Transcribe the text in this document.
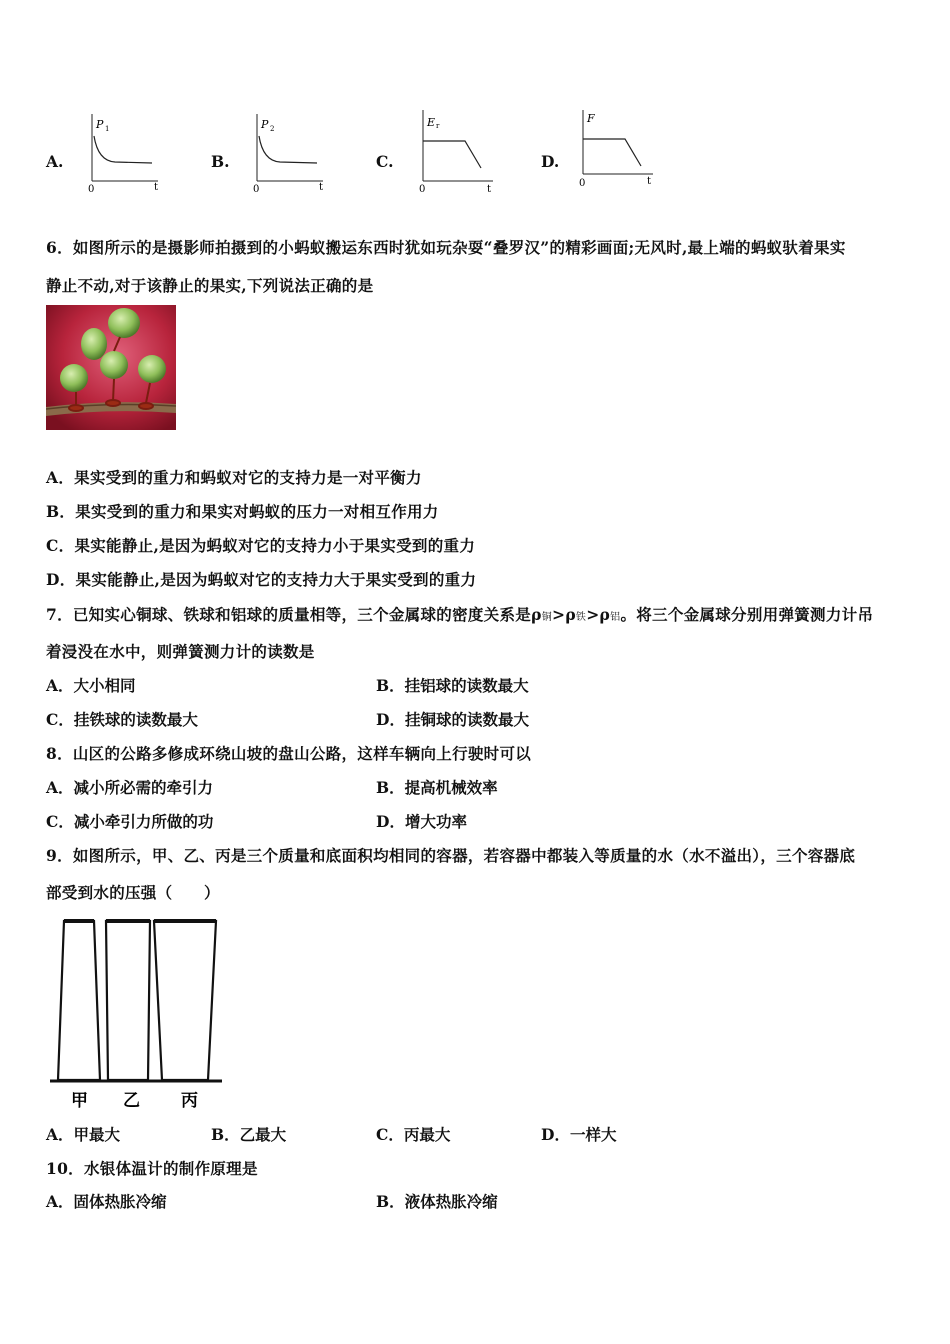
A.
P 1
0	t
B.
P 2
0	t
C.
E r
0	t
D.
F
0	t
6．如图所示的是摄影师拍摄到的小蚂蚁搬运东西时犹如玩杂耍“叠罗汉”的精彩画面;无风时,最上端的蚂蚁驮着果实
静止不动,对于该静止的果实,下列说法正确的是
A．果实受到的重力和蚂蚁对它的支持力是一对平衡力
B．果实受到的重力和果实对蚂蚁的压力一对相互作用力
C．果实能静止,是因为蚂蚁对它的支持力小于果实受到的重力
D．果实能静止,是因为蚂蚁对它的支持力大于果实受到的重力
7．已知实心铜球、铁球和铝球的质量相等，三个金属球的密度关系是ρ铜>ρ铁>ρ铝。将三个金属球分别用弹簧测力计吊
着浸没在水中，则弹簧测力计的读数是
A．大小相同	B．挂铝球的读数最大
C．挂铁球的读数最大	D．挂铜球的读数最大
8．山区的公路多修成环绕山坡的盘山公路，这样车辆向上行驶时可以
A．减小所必需的牵引力	B．提高机械效率
C．减小牵引力所做的功	D．增大功率
9．如图所示，甲、乙、丙是三个质量和底面积均相同的容器，若容器中都装入等质量的水（水不溢出），三个容器底
部受到水的压强（　　）
甲 乙 丙
A．甲最大	B．乙最大	C．丙最大	D．一样大
10．水银体温计的制作原理是
A．固体热胀冷缩	B．液体热胀冷缩
